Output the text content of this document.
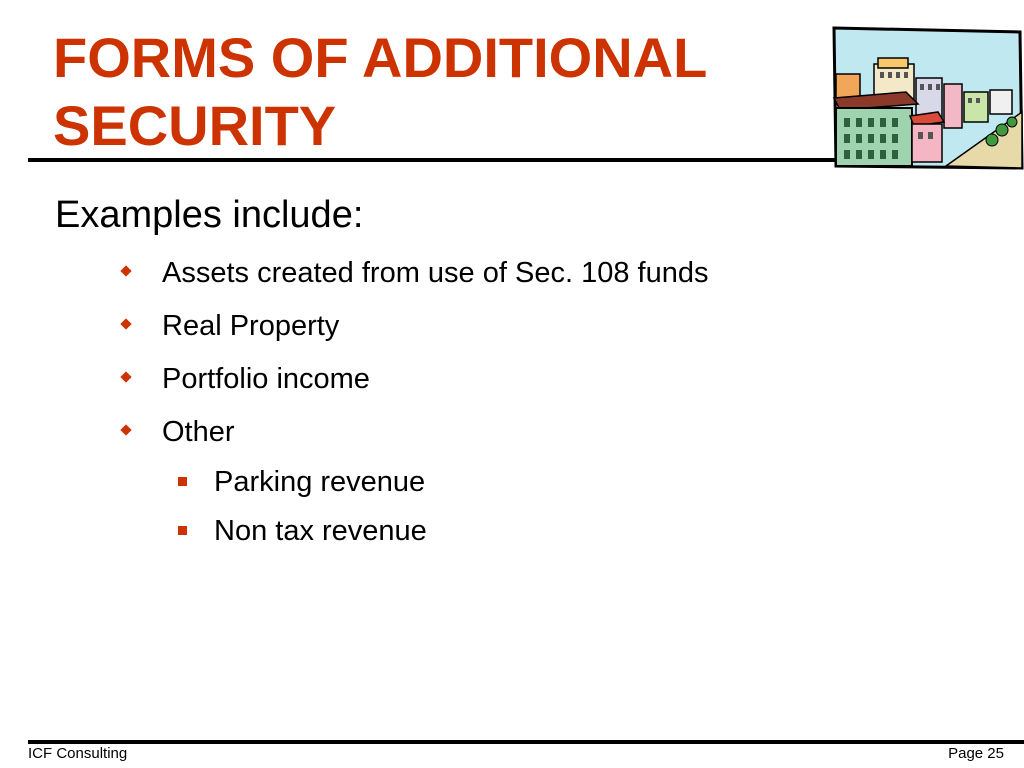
FORMS OF ADDITIONAL
SECURITY

Examples include:

Assets created from use of Sec. 108 funds
Real Property
Portfolio income
Other
Parking revenue
Non tax revenue
ICF Consulting	Page 25
